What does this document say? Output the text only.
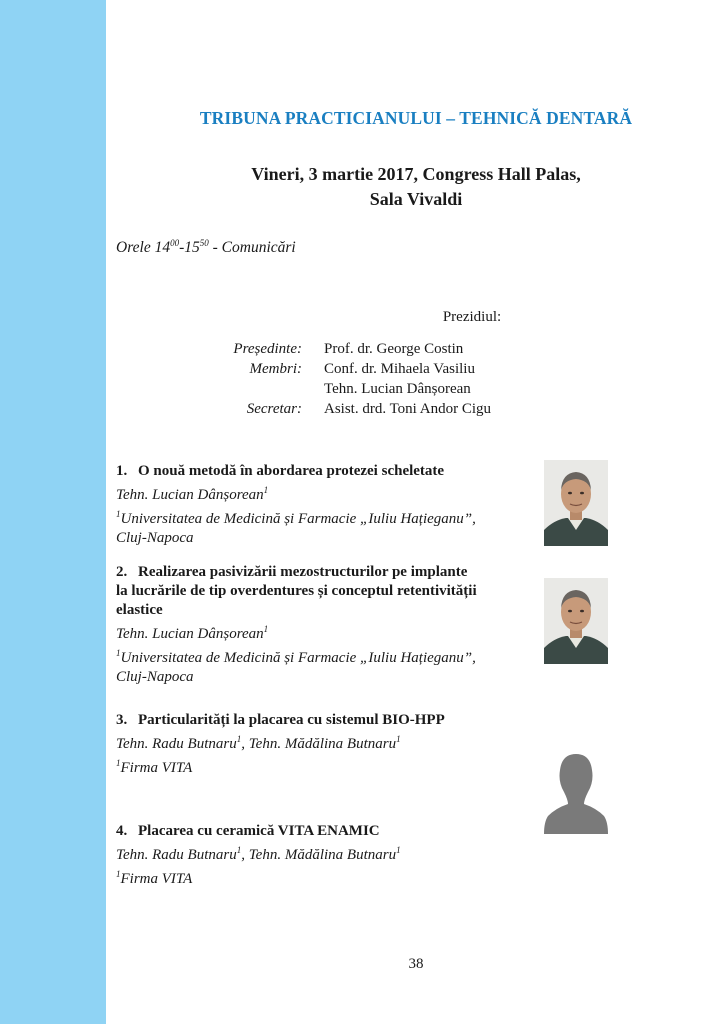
TRIBUNA PRACTICIANULUI – TEHNICĂ DENTARĂ
Vineri, 3 martie 2017, Congress Hall Palas,
Sala Vivaldi
Orele $14^{00}-15^{50}$ - Comunicări
Prezidiul:
Președinte: Prof. dr. George Costin
Membri: Conf. dr. Mihaela Vasiliu
Tehn. Lucian Dânșorean
Secretar: Asist. drd. Toni Andor Cigu
1. O nouă metodă în abordarea protezei scheletate
Tehn. Lucian Dânșorean$^1$
$^1$Universitatea de Medicină și Farmacie „Iuliu Hațieganu”,
Cluj-Napoca
2. Realizarea pasivizării mezostructurilor pe implante
la lucrările de tip overdentures și conceptul retentivității
elastice
Tehn. Lucian Dânșorean$^1$
$^1$Universitatea de Medicină și Farmacie „Iuliu Hațieganu”,
Cluj-Napoca
3. Particularități la placarea cu sistemul BIO-HPP
Tehn. Radu Butnaru$^1$, Tehn. Mădălina Butnaru$^1$
$^1$Firma VITA
4. Placarea cu ceramică VITA ENAMIC
Tehn. Radu Butnaru$^1$, Tehn. Mădălina Butnaru$^1$
$^1$Firma VITA
38
